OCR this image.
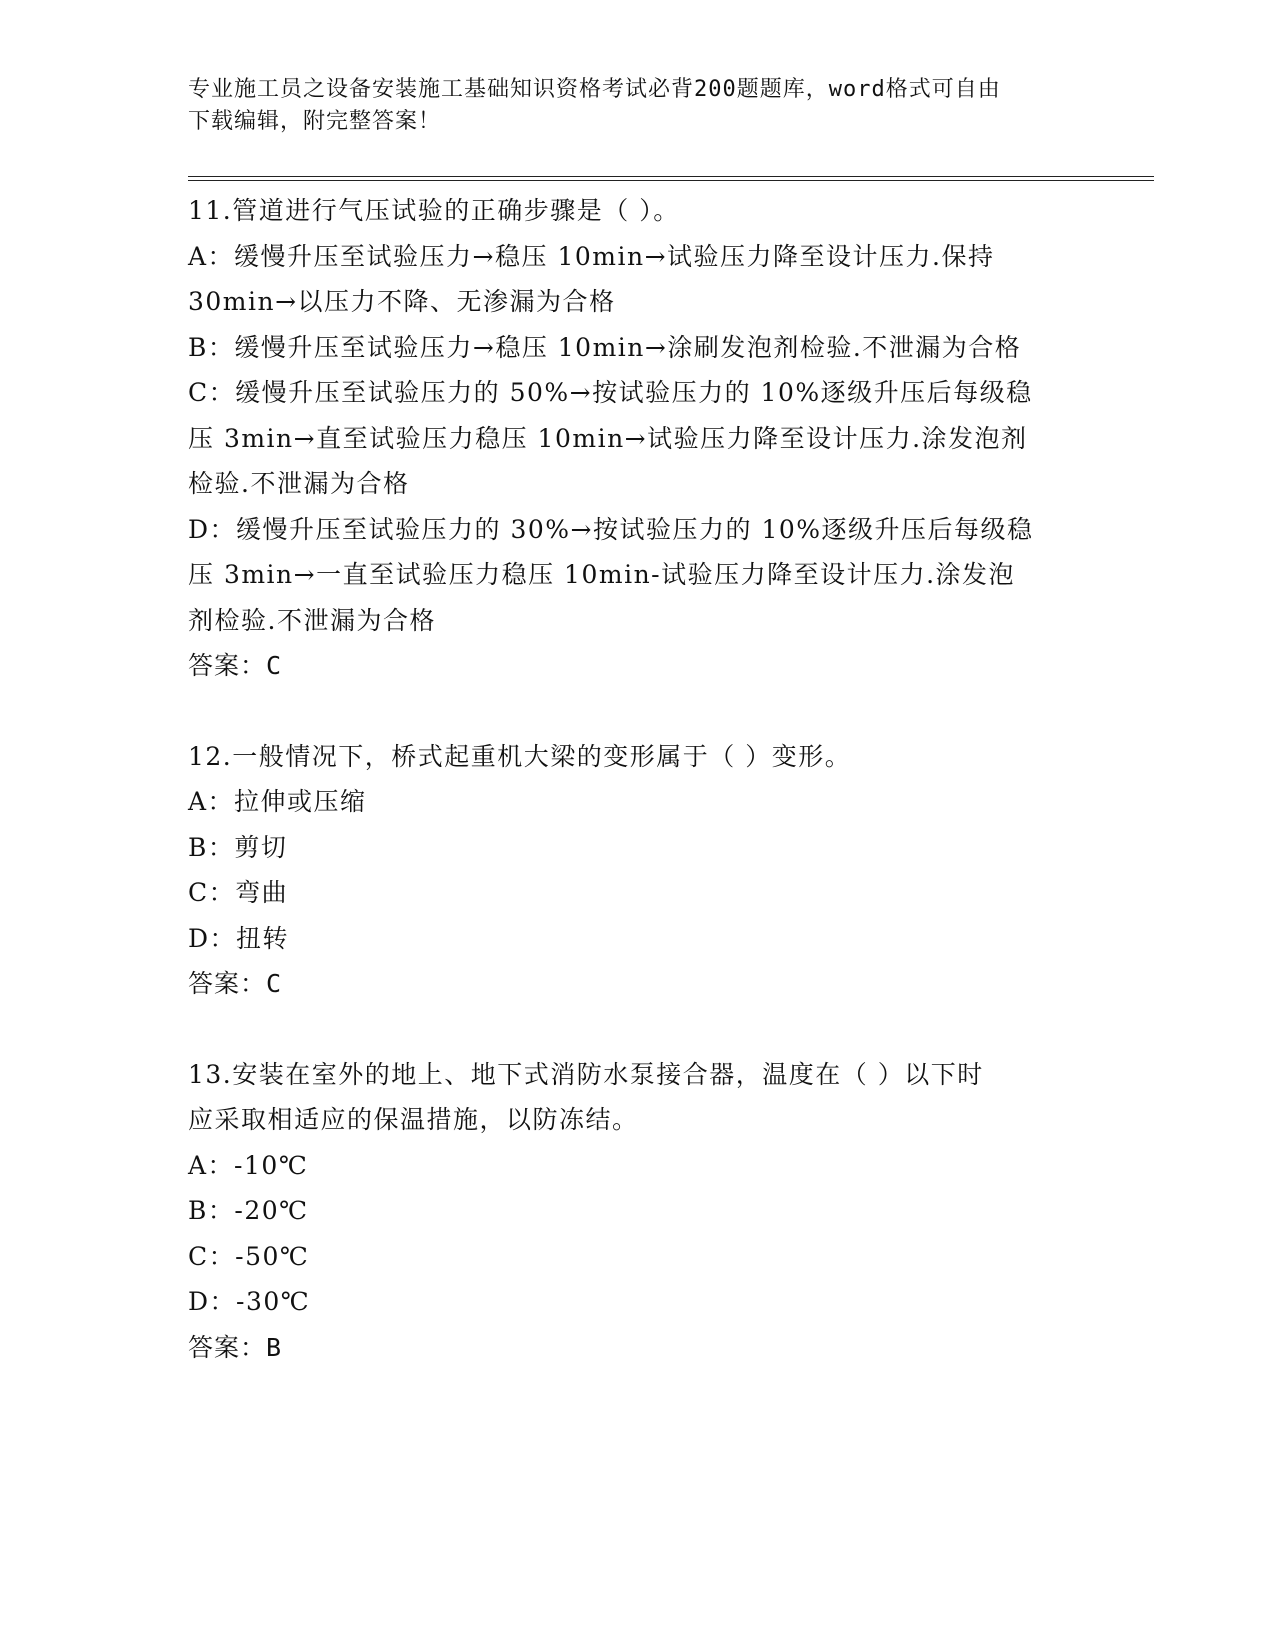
专业施工员之设备安装施工基础知识资格考试必背200题题库，word格式可自由
下载编辑，附完整答案！
11.管道进行气压试验的正确步骤是（ ）。
A：缓慢升压至试验压力→稳压 10min→试验压力降至设计压力.保持
30min→以压力不降、无渗漏为合格
B：缓慢升压至试验压力→稳压 10min→涂刷发泡剂检验.不泄漏为合格
C：缓慢升压至试验压力的 50%→按试验压力的 10%逐级升压后每级稳
压 3min→直至试验压力稳压 10min→试验压力降至设计压力.涂发泡剂
检验.不泄漏为合格
D：缓慢升压至试验压力的 30%→按试验压力的 10%逐级升压后每级稳
压 3min→一直至试验压力稳压 10min-试验压力降至设计压力.涂发泡
剂检验.不泄漏为合格
答案：C
12.一般情况下，桥式起重机大梁的变形属于（ ）变形。
A：拉伸或压缩
B：剪切
C：弯曲
D：扭转
答案：C
13.安装在室外的地上、地下式消防水泵接合器，温度在（ ）以下时
应采取相适应的保温措施，以防冻结。
A：-10℃
B：-20℃
C：-50℃
D：-30℃
答案：B
